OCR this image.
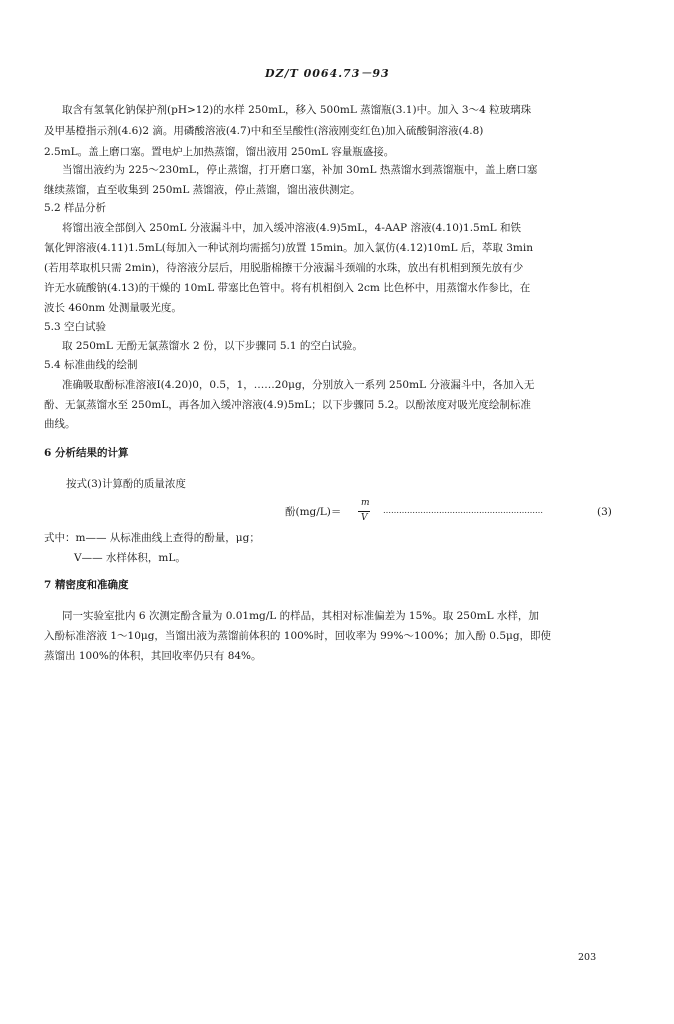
DZ/T 0064.73－93
取含有氢氧化钠保护剂(pH>12)的水样 250mL，移入 500mL 蒸馏瓶(3.1)中。加入 3～4 粒玻璃珠
及甲基橙指示剂(4.6)2 滴。用磷酸溶液(4.7)中和至呈酸性(溶液刚变红色)加入硫酸铜溶液(4.8)
2.5mL。盖上磨口塞。置电炉上加热蒸馏，馏出液用 250mL 容量瓶盛接。
当馏出液约为 225～230mL，停止蒸馏，打开磨口塞，补加 30mL 热蒸馏水到蒸馏瓶中，盖上磨口塞
继续蒸馏，直至收集到 250mL 蒸馏液，停止蒸馏，馏出液供测定。
5.2 样品分析
将馏出液全部倒入 250mL 分液漏斗中，加入缓冲溶液(4.9)5mL，4-AAP 溶液(4.10)1.5mL 和铁
氰化钾溶液(4.11)1.5mL(每加入一种试剂均需摇匀)放置 15min。加入氯仿(4.12)10mL 后，萃取 3min
(若用萃取机只需 2min)，待溶液分层后，用脱脂棉擦干分液漏斗颈端的水珠，放出有机相到预先放有少
许无水硫酸钠(4.13)的干燥的 10mL 带塞比色管中。将有机相倒入 2cm 比色杯中，用蒸馏水作参比，在
波长 460nm 处测量吸光度。
5.3 空白试验
取 250mL 无酚无氯蒸馏水 2 份，以下步骤同 5.1 的空白试验。
5.4 标准曲线的绘制
准确吸取酚标准溶液Ⅰ(4.20)0，0.5，1，……20μg，分别放入一系列 250mL 分液漏斗中，各加入无
酚、无氯蒸馏水至 250mL，再各加入缓冲溶液(4.9)5mL；以下步骤同 5.2。以酚浓度对吸光度绘制标准
曲线。
6 分析结果的计算
按式(3)计算酚的质量浓度
酚(mg/L)＝
m
V
……………………………………………………	(3)
式中：m—— 从标准曲线上查得的酚量，μg；
V—— 水样体积，mL。
7 精密度和准确度
同一实验室批内 6 次测定酚含量为 0.01mg/L 的样品，其相对标准偏差为 15%。取 250mL 水样，加
入酚标准溶液 1～10μg，当馏出液为蒸馏前体积的 100%时，回收率为 99%～100%；加入酚 0.5μg，即使
蒸馏出 100%的体积，其回收率仍只有 84%。
203
